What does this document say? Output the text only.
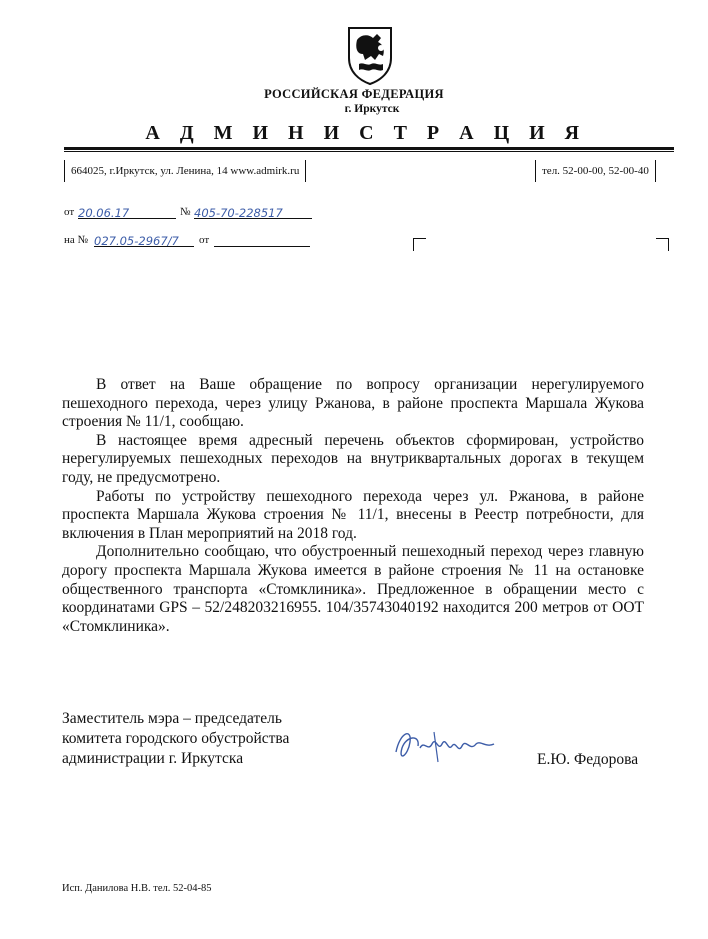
РОССИЙСКАЯ ФЕДЕРАЦИЯ
г. Иркутск
А Д М И Н И С Т Р А Ц И Я
664025, г.Иркутск, ул. Ленина, 14 www.admirk.ru	тел. 52-00-00, 52-00-40
от 20.06.17	№ 405-70-228517
на № 027.05-2967/7	от

В ответ на Ваше обращение по вопросу организации нерегулируемого пешеходного перехода, через улицу Ржанова, в районе проспекта Маршала Жукова строения № 11/1, сообщаю.

В настоящее время адресный перечень объектов сформирован, устройство нерегулируемых пешеходных переходов на внутриквартальных дорогах в текущем году, не предусмотрено.

Работы по устройству пешеходного перехода через ул. Ржанова, в районе проспекта Маршала Жукова строения № 11/1, внесены в Реестр потребности, для включения в План мероприятий на 2018 год.

Дополнительно сообщаю, что обустроенный пешеходный переход через главную дорогу проспекта Маршала Жукова имеется в районе строения № 11 на остановке общественного транспорта «Стомклиника». Предложенное в обращении место с координатами GPS – 52/248203216955. 104/35743040192 находится 200 метров от ООТ «Стомклиника».

Заместитель мэра – председатель
комитета городского обустройства
администрации г. Иркутска	Е.Ю. Федорова
Исп. Данилова Н.В. тел. 52-04-85
